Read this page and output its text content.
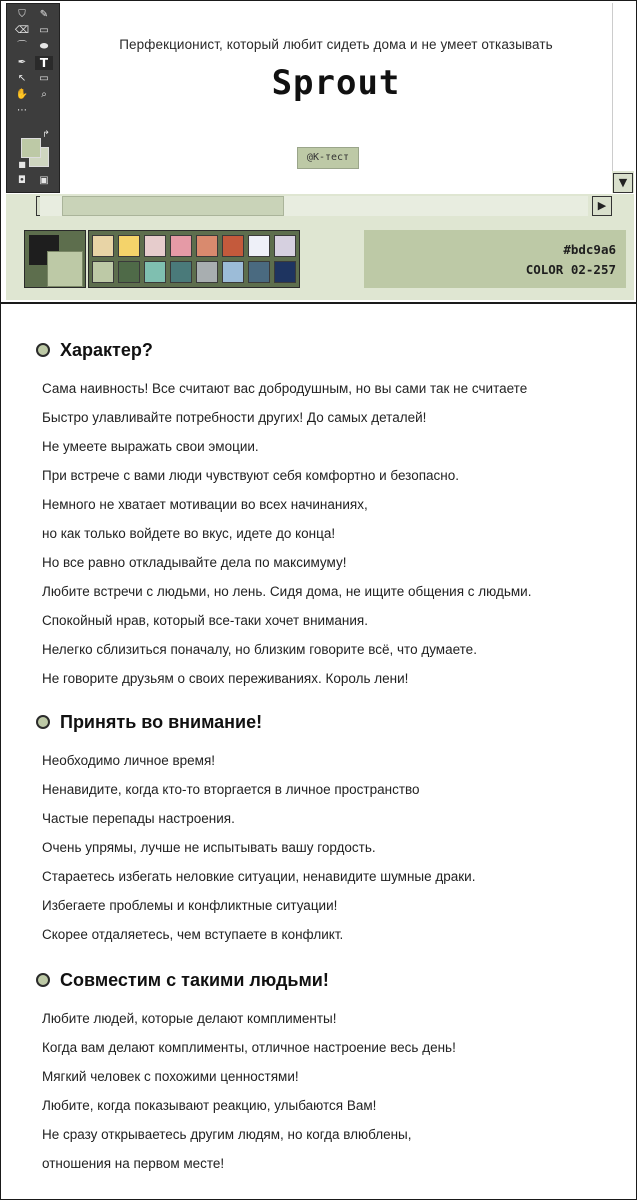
⛉	✎
⌫	▭
⌒	⬬
✒	T
↖	▭
✋	⌕
⋯
↱
■
◘	▣
Перфекционист, который любит сидеть дома и не умеет отказывать
Sprout
@K-тест
▼
▶
#bdc9a6
COLOR 02-257
Характер?
Сама наивность! Все считают вас добродушным, но вы сами так не считаете
Быстро улавливайте потребности других! До самых деталей!
Не умеете выражать свои эмоции.
При встрече с вами люди чувствуют себя комфортно и безопасно.
Немного не хватает мотивации во всех начинаниях,
но как только войдете во вкус, идете до конца!
Но все равно откладывайте дела по максимуму!
Любите встречи с людьми, но лень. Сидя дома, не ищите общения с людьми.
Спокойный нрав, который все-таки хочет внимания.
Нелегко сблизиться поначалу, но близким говорите всё, что думаете.
Не говорите друзьям о своих переживаниях. Король лени!
Принять во внимание!
Необходимо личное время!
Ненавидите, когда кто-то вторгается в личное пространство
Частые перепады настроения.
Очень упрямы, лучше не испытывать вашу гордость.
Стараетесь избегать неловкие ситуации, ненавидите шумные драки.
Избегаете проблемы и конфликтные ситуации!
Скорее отдаляетесь, чем вступаете в конфликт.
Совместим с такими людьми!
Любите людей, которые делают комплименты!
Когда вам делают комплименты, отличное настроение весь день!
Мягкий человек с похожими ценностями!
Любите, когда показывают реакцию, улыбаются Вам!
Не сразу открываетесь другим людям, но когда влюблены,
отношения на первом месте!
